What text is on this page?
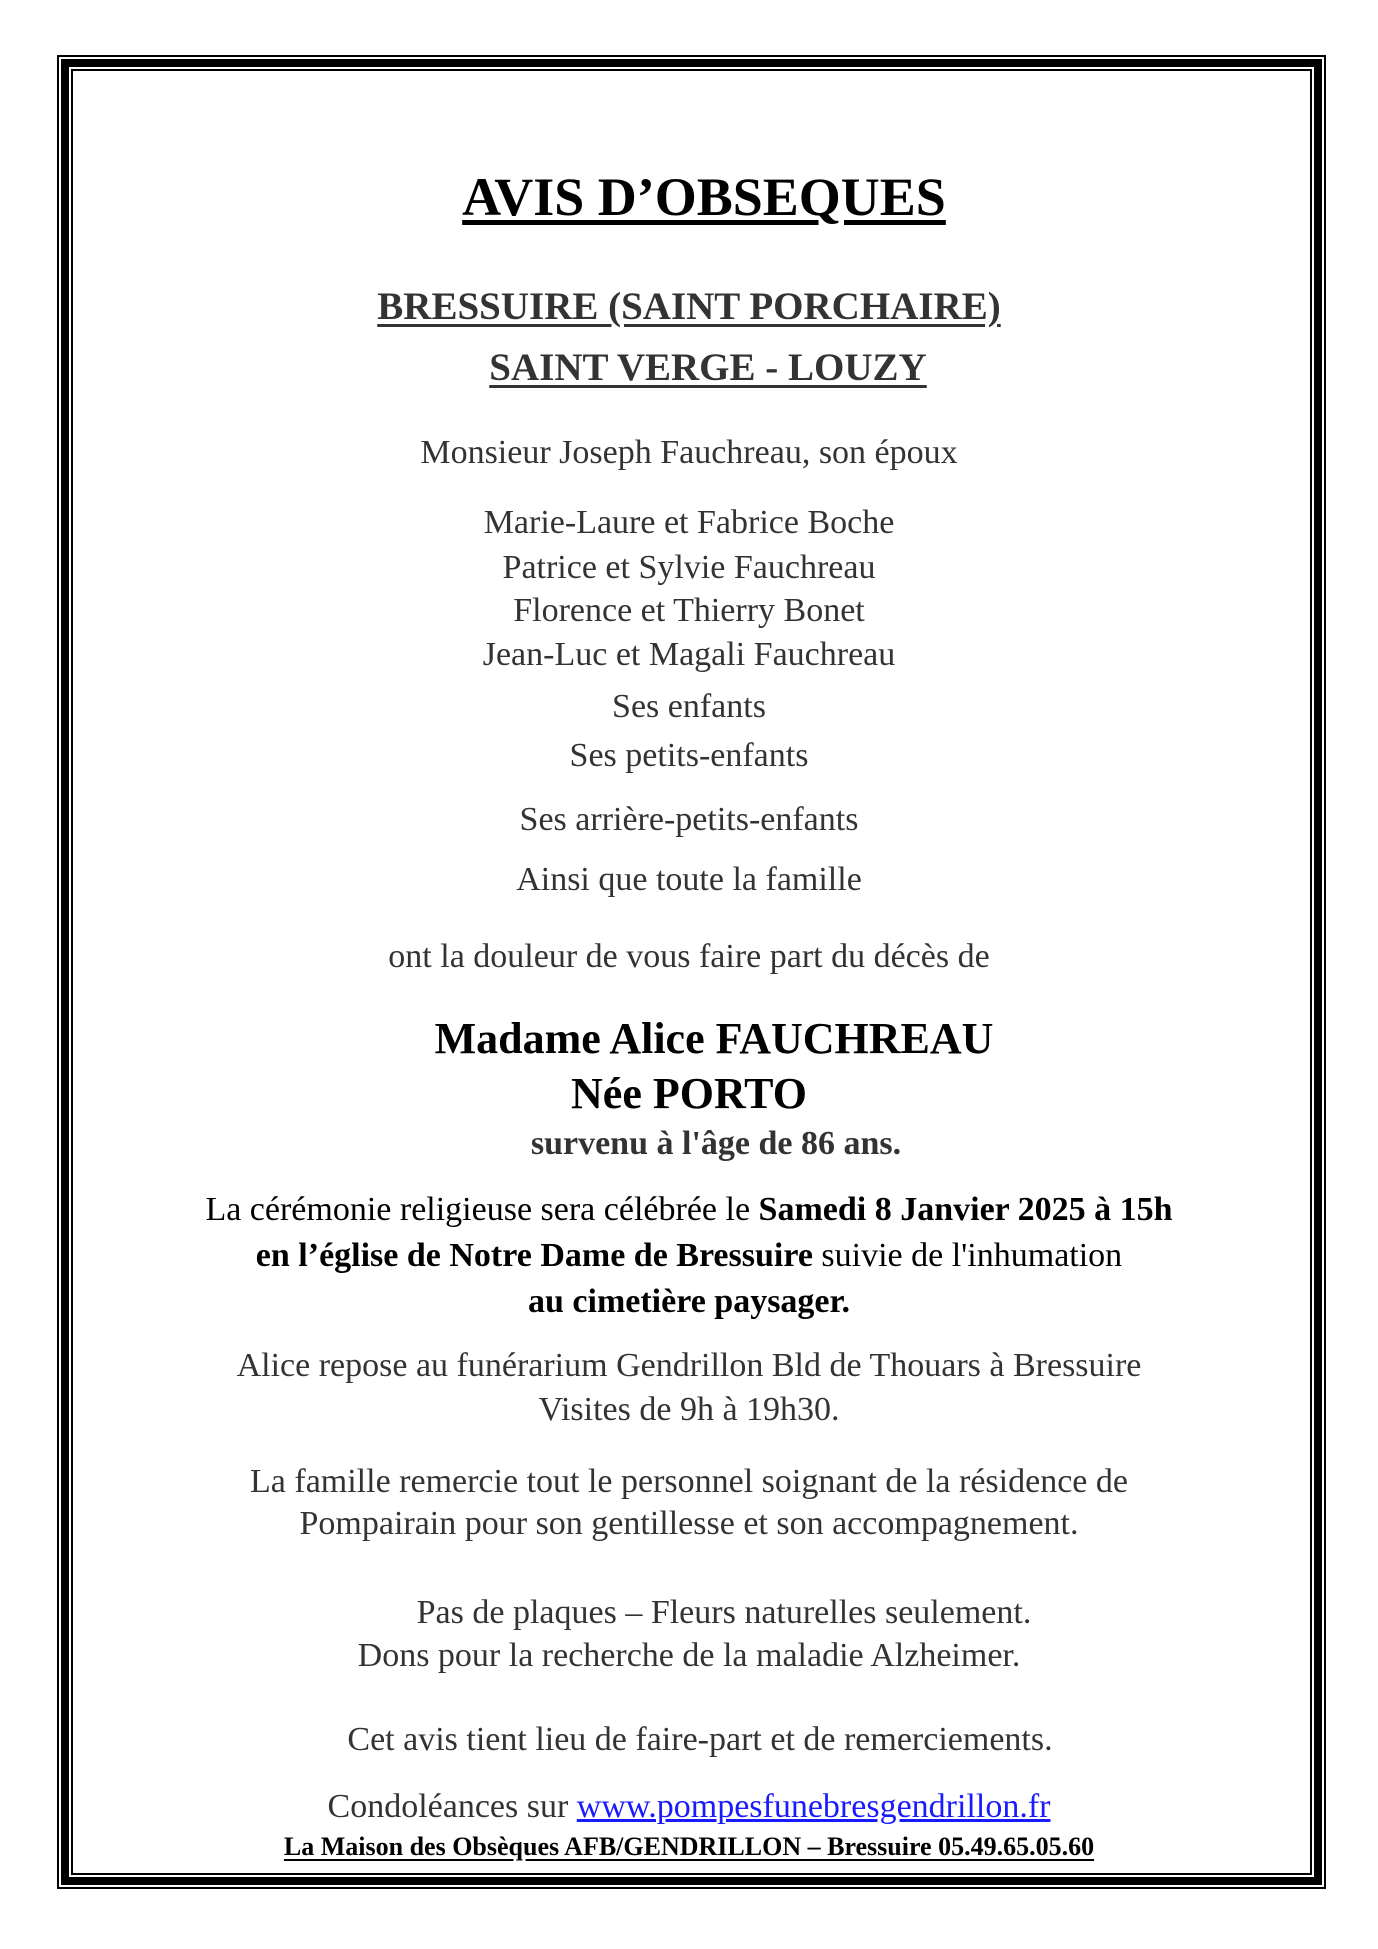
AVIS D’OBSEQUES
BRESSUIRE (SAINT PORCHAIRE)
SAINT VERGE - LOUZY
Monsieur Joseph Fauchreau, son époux
Marie-Laure et Fabrice Boche
Patrice et Sylvie Fauchreau
Florence et Thierry Bonet
Jean-Luc et Magali Fauchreau
Ses enfants
Ses petits-enfants
Ses arrière-petits-enfants
Ainsi que toute la famille
ont la douleur de vous faire part du décès de
Madame Alice FAUCHREAU
Née PORTO
survenu à l'âge de 86 ans.
La cérémonie religieuse sera célébrée le Samedi 8 Janvier 2025 à 15h
en l’église de Notre Dame de Bressuire suivie de l'inhumation
au cimetière paysager.
Alice repose au funérarium Gendrillon Bld de Thouars à Bressuire
Visites de 9h à 19h30.
La famille remercie tout le personnel soignant de la résidence de
Pompairain pour son gentillesse et son accompagnement.
Pas de plaques – Fleurs naturelles seulement.
Dons pour la recherche de la maladie Alzheimer.
Cet avis tient lieu de faire-part et de remerciements.
Condoléances sur www.pompesfunebresgendrillon.fr
La Maison des Obsèques AFB/GENDRILLON – Bressuire 05.49.65.05.60
